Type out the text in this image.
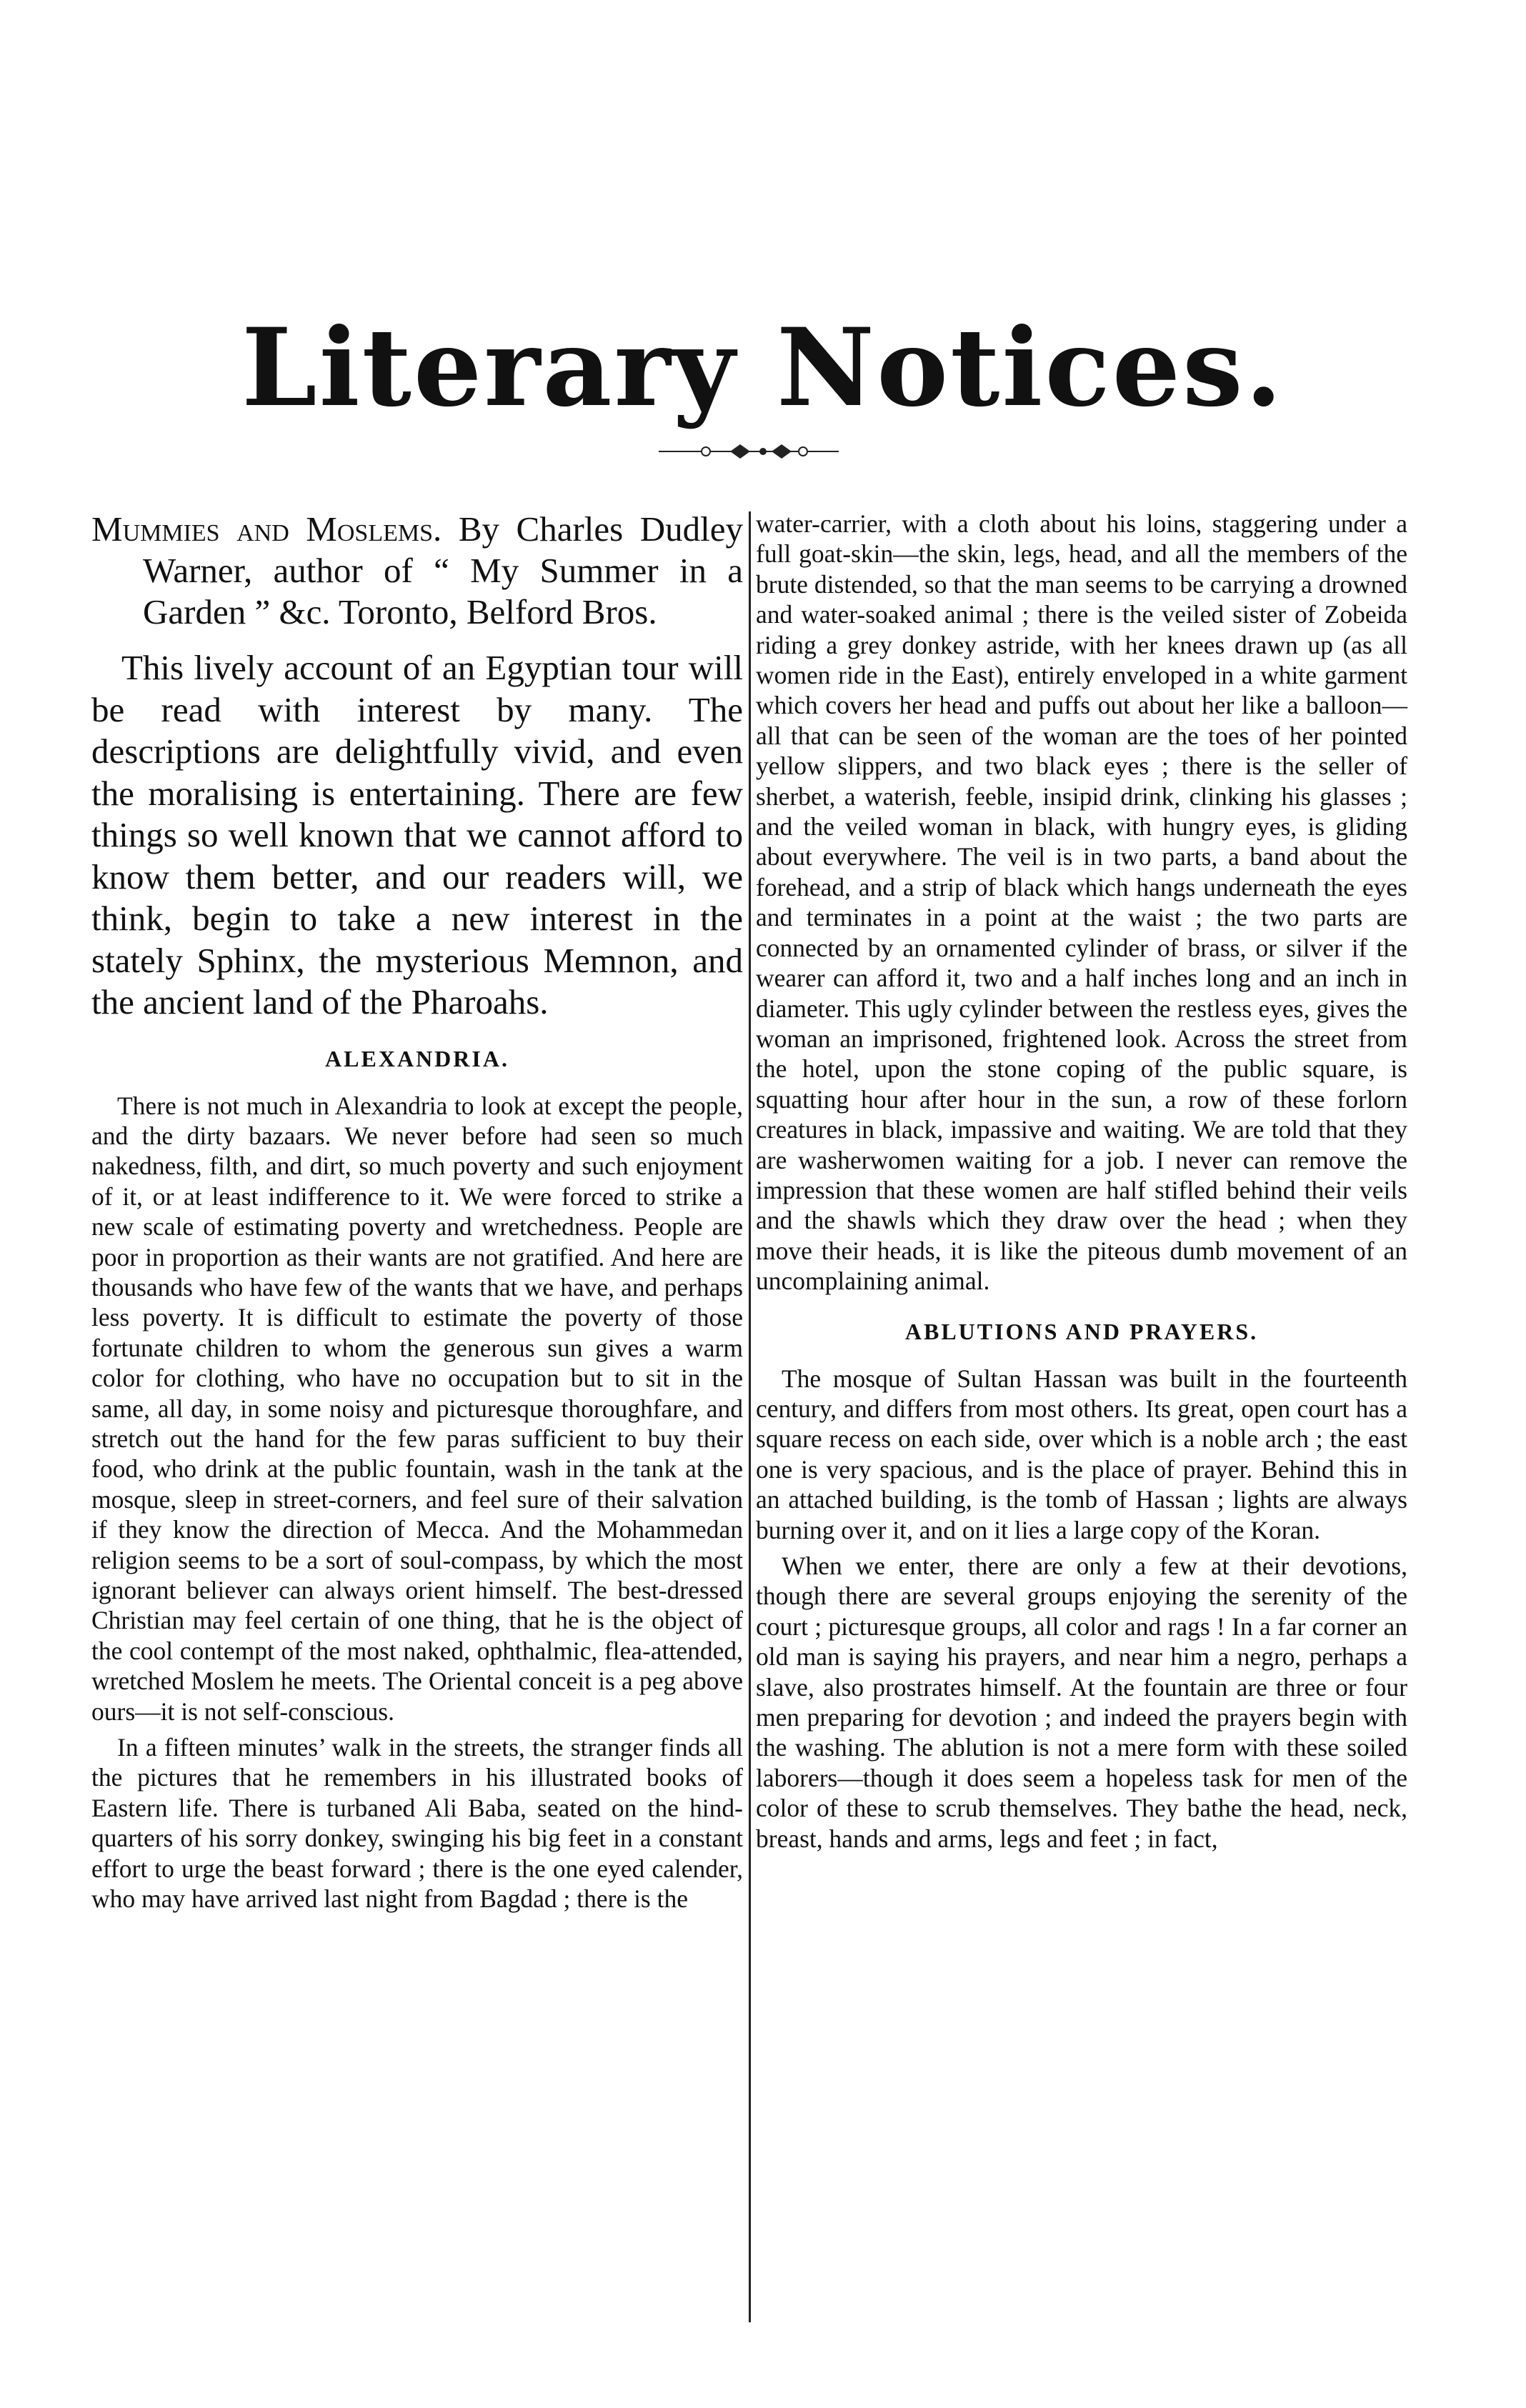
Literary Notices.

Mummies and Moslems. By Charles Dudley Warner, author of “ My Summer in a Garden ” &c. Toronto, Belford Bros.

This lively account of an Egyptian tour will be read with interest by many. The descriptions are delightfully vivid, and even the moralising is entertaining. There are few things so well known that we cannot afford to know them better, and our readers will, we think, begin to take a new interest in the stately Sphinx, the mysterious Memnon, and the ancient land of the Pharoahs.

ALEXANDRIA.

There is not much in Alexandria to look at except the people, and the dirty bazaars. We never before had seen so much nakedness, filth, and dirt, so much poverty and such enjoyment of it, or at least indifference to it. We were forced to strike a new scale of estimating poverty and wretchedness. People are poor in proportion as their wants are not gratified. And here are thousands who have few of the wants that we have, and perhaps less poverty. It is difficult to estimate the poverty of those fortunate children to whom the generous sun gives a warm color for clothing, who have no occupation but to sit in the same, all day, in some noisy and picturesque thoroughfare, and stretch out the hand for the few paras sufficient to buy their food, who drink at the public fountain, wash in the tank at the mosque, sleep in street-corners, and feel sure of their salvation if they know the direction of Mecca. And the Mohammedan religion seems to be a sort of soul-compass, by which the most ignorant believer can always orient himself. The best-dressed Christian may feel certain of one thing, that he is the object of the cool contempt of the most naked, ophthalmic, flea-attended, wretched Moslem he meets. The Oriental conceit is a peg above ours—it is not self-conscious.

In a fifteen minutes’ walk in the streets, the stranger finds all the pictures that he remembers in his illustrated books of Eastern life. There is turbaned Ali Baba, seated on the hind-quarters of his sorry donkey, swinging his big feet in a constant effort to urge the beast forward ; there is the one eyed calender, who may have arrived last night from Bagdad ; there is the

water-carrier, with a cloth about his loins, staggering under a full goat-skin—the skin, legs, head, and all the members of the brute distended, so that the man seems to be carrying a drowned and water-soaked animal ; there is the veiled sister of Zobeida riding a grey donkey astride, with her knees drawn up (as all women ride in the East), entirely enveloped in a white garment which covers her head and puffs out about her like a balloon—all that can be seen of the woman are the toes of her pointed yellow slippers, and two black eyes ; there is the seller of sherbet, a waterish, feeble, insipid drink, clinking his glasses ; and the veiled woman in black, with hungry eyes, is gliding about everywhere. The veil is in two parts, a band about the forehead, and a strip of black which hangs underneath the eyes and terminates in a point at the waist ; the two parts are connected by an ornamented cylinder of brass, or silver if the wearer can afford it, two and a half inches long and an inch in diameter. This ugly cylinder between the restless eyes, gives the woman an imprisoned, frightened look. Across the street from the hotel, upon the stone coping of the public square, is squatting hour after hour in the sun, a row of these forlorn creatures in black, impassive and waiting. We are told that they are washerwomen waiting for a job. I never can remove the impression that these women are half stifled behind their veils and the shawls which they draw over the head ; when they move their heads, it is like the piteous dumb movement of an uncomplaining animal.

ABLUTIONS AND PRAYERS.

The mosque of Sultan Hassan was built in the fourteenth century, and differs from most others. Its great, open court has a square recess on each side, over which is a noble arch ; the east one is very spacious, and is the place of prayer. Behind this in an attached building, is the tomb of Hassan ; lights are always burning over it, and on it lies a large copy of the Koran.

When we enter, there are only a few at their devotions, though there are several groups enjoying the serenity of the court ; picturesque groups, all color and rags ! In a far corner an old man is saying his prayers, and near him a negro, perhaps a slave, also prostrates himself. At the fountain are three or four men preparing for devotion ; and indeed the prayers begin with the washing. The ablution is not a mere form with these soiled laborers—though it does seem a hopeless task for men of the color of these to scrub themselves. They bathe the head, neck, breast, hands and arms, legs and feet ; in fact,
